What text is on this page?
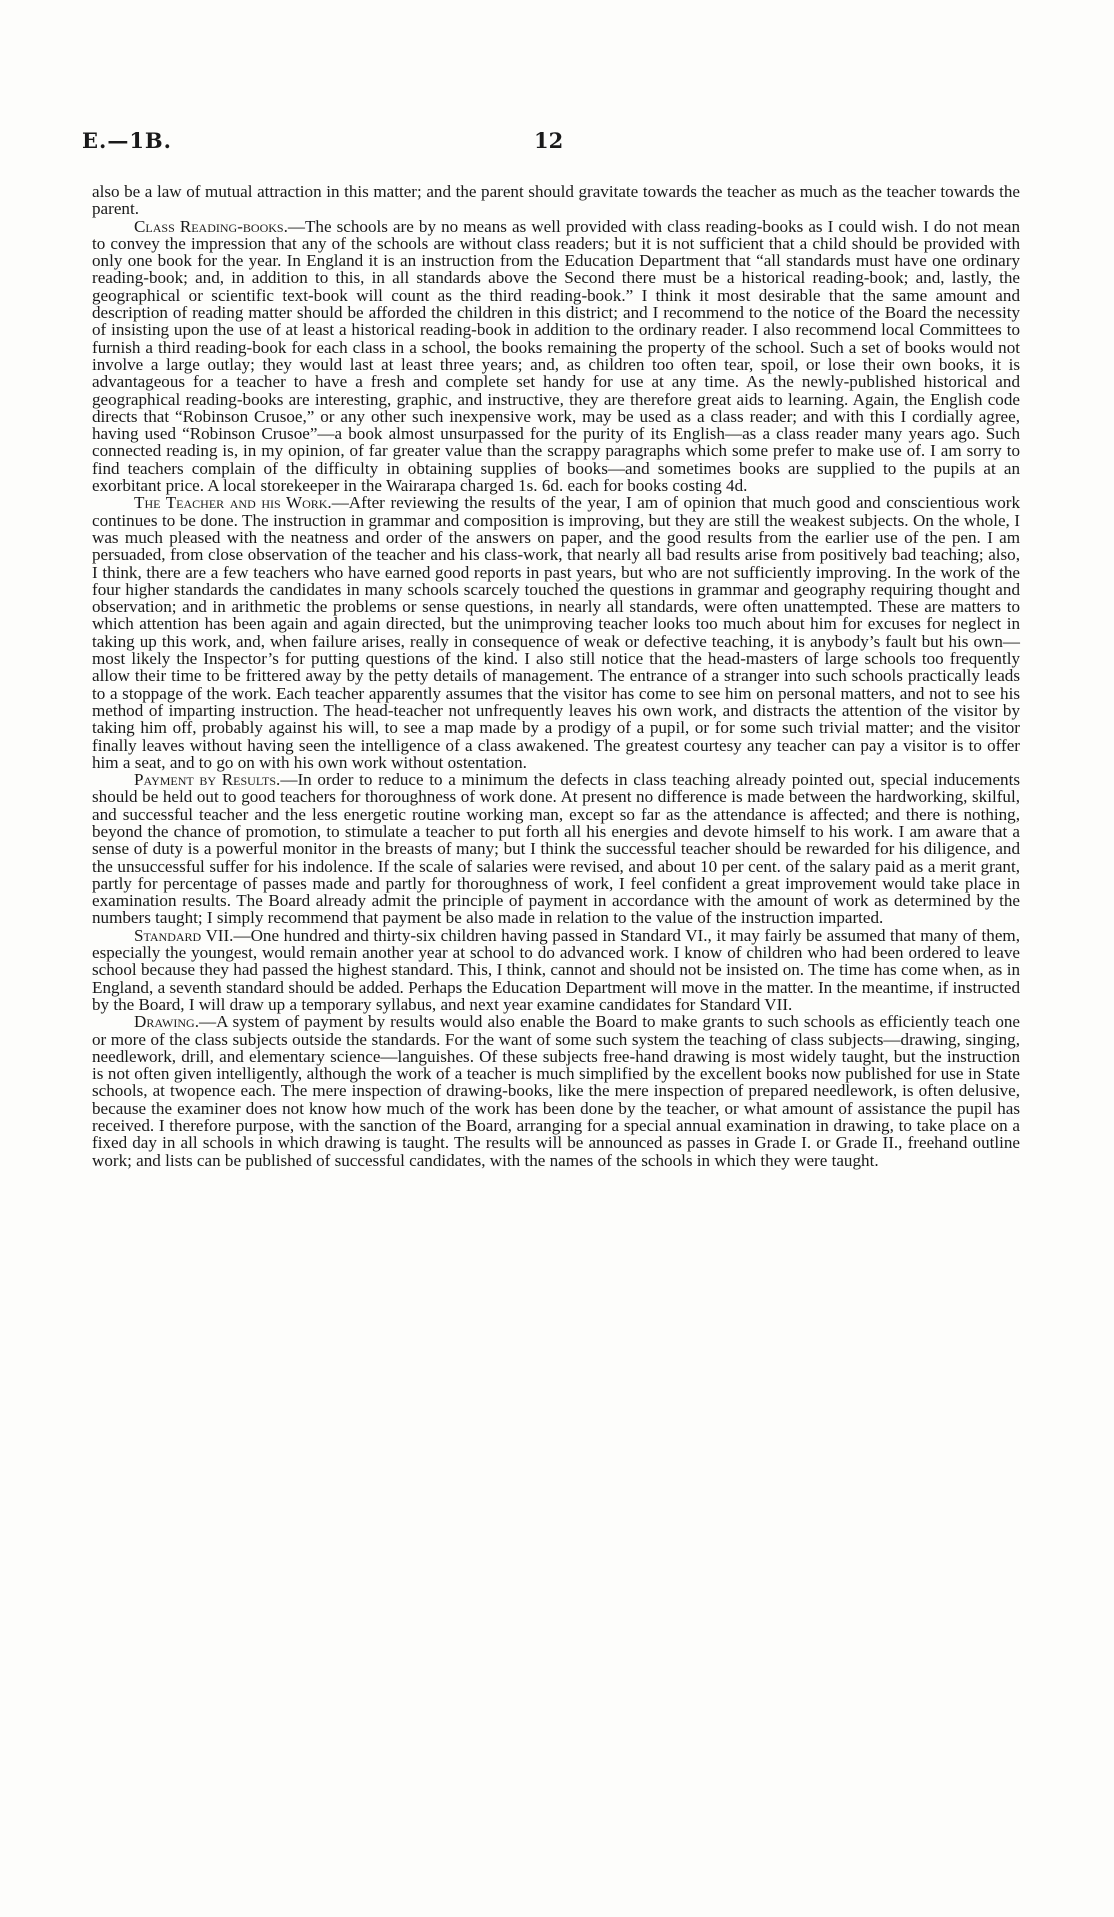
E.—1B.	12

also be a law of mutual attraction in this matter; and the parent should gravitate towards the teacher as much as the teacher towards the parent.

Class Reading-books.—The schools are by no means as well provided with class reading-books as I could wish. I do not mean to convey the impression that any of the schools are without class readers; but it is not sufficient that a child should be provided with only one book for the year. In England it is an instruction from the Education Department that “all standards must have one ordinary reading-book; and, in addition to this, in all standards above the Second there must be a historical reading-book; and, lastly, the geographical or scientific text-book will count as the third reading-book.” I think it most desirable that the same amount and description of reading matter should be afforded the children in this district; and I recommend to the notice of the Board the necessity of insisting upon the use of at least a historical reading-book in addition to the ordinary reader. I also recommend local Committees to furnish a third reading-book for each class in a school, the books remaining the property of the school. Such a set of books would not involve a large outlay; they would last at least three years; and, as children too often tear, spoil, or lose their own books, it is advantageous for a teacher to have a fresh and complete set handy for use at any time. As the newly-published historical and geographical reading-books are interesting, graphic, and instructive, they are therefore great aids to learning. Again, the English code directs that “Robinson Crusoe,” or any other such inexpensive work, may be used as a class reader; and with this I cordially agree, having used “Robinson Crusoe”—a book almost unsurpassed for the purity of its English—as a class reader many years ago. Such connected reading is, in my opinion, of far greater value than the scrappy paragraphs which some prefer to make use of. I am sorry to find teachers complain of the difficulty in obtaining supplies of books—and sometimes books are supplied to the pupils at an exorbitant price. A local storekeeper in the Wairarapa charged 1s. 6d. each for books costing 4d.

The Teacher and his Work.—After reviewing the results of the year, I am of opinion that much good and conscientious work continues to be done. The instruction in grammar and composition is improving, but they are still the weakest subjects. On the whole, I was much pleased with the neatness and order of the answers on paper, and the good results from the earlier use of the pen. I am persuaded, from close observation of the teacher and his class-work, that nearly all bad results arise from positively bad teaching; also, I think, there are a few teachers who have earned good reports in past years, but who are not sufficiently improving. In the work of the four higher standards the candidates in many schools scarcely touched the questions in grammar and geography requiring thought and observation; and in arithmetic the problems or sense questions, in nearly all standards, were often unattempted. These are matters to which attention has been again and again directed, but the unimproving teacher looks too much about him for excuses for neglect in taking up this work, and, when failure arises, really in consequence of weak or defective teaching, it is anybody’s fault but his own—most likely the Inspector’s for putting questions of the kind. I also still notice that the head-masters of large schools too frequently allow their time to be frittered away by the petty details of management. The entrance of a stranger into such schools practically leads to a stoppage of the work. Each teacher apparently assumes that the visitor has come to see him on personal matters, and not to see his method of imparting instruction. The head-teacher not unfrequently leaves his own work, and distracts the attention of the visitor by taking him off, probably against his will, to see a map made by a prodigy of a pupil, or for some such trivial matter; and the visitor finally leaves without having seen the intelligence of a class awakened. The greatest courtesy any teacher can pay a visitor is to offer him a seat, and to go on with his own work without ostentation.

Payment by Results.—In order to reduce to a minimum the defects in class teaching already pointed out, special inducements should be held out to good teachers for thoroughness of work done. At present no difference is made between the hardworking, skilful, and successful teacher and the less energetic routine working man, except so far as the attendance is affected; and there is nothing, beyond the chance of promotion, to stimulate a teacher to put forth all his energies and devote himself to his work. I am aware that a sense of duty is a powerful monitor in the breasts of many; but I think the successful teacher should be rewarded for his diligence, and the unsuccessful suffer for his indolence. If the scale of salaries were revised, and about 10 per cent. of the salary paid as a merit grant, partly for percentage of passes made and partly for thoroughness of work, I feel confident a great improvement would take place in examination results. The Board already admit the principle of payment in accordance with the amount of work as determined by the numbers taught; I simply recommend that payment be also made in relation to the value of the instruction imparted.

Standard VII.—One hundred and thirty-six children having passed in Standard VI., it may fairly be assumed that many of them, especially the youngest, would remain another year at school to do advanced work. I know of children who had been ordered to leave school because they had passed the highest standard. This, I think, cannot and should not be insisted on. The time has come when, as in England, a seventh standard should be added. Perhaps the Education Department will move in the matter. In the meantime, if instructed by the Board, I will draw up a temporary syllabus, and next year examine candidates for Standard VII.

Drawing.—A system of payment by results would also enable the Board to make grants to such schools as efficiently teach one or more of the class subjects outside the standards. For the want of some such system the teaching of class subjects—drawing, singing, needlework, drill, and elementary science—languishes. Of these subjects free-hand drawing is most widely taught, but the instruction is not often given intelligently, although the work of a teacher is much simplified by the excellent books now published for use in State schools, at twopence each. The mere inspection of drawing-books, like the mere inspection of prepared needlework, is often delusive, because the examiner does not know how much of the work has been done by the teacher, or what amount of assistance the pupil has received. I therefore purpose, with the sanction of the Board, arranging for a special annual examination in drawing, to take place on a fixed day in all schools in which drawing is taught. The results will be announced as passes in Grade I. or Grade II., freehand outline work; and lists can be published of successful candidates, with the names of the schools in which they were taught.
